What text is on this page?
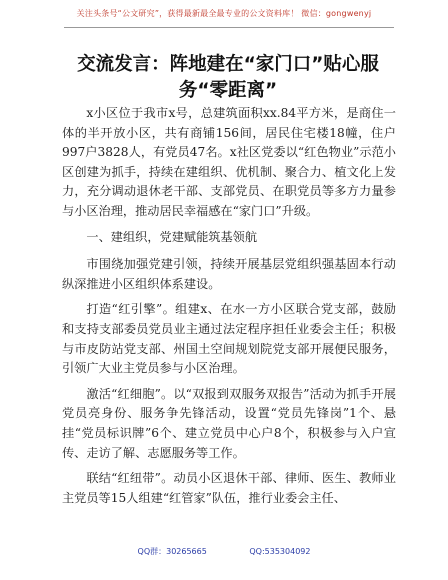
关注头条号“公文研究”，获得最新最全最专业的公文资料库！ 微信：gongwenyj
交流发言：阵地建在“家门口”贴心服务“零距离”

x小区位于我市x号，总建筑面积xx.84平方米，是商住一体的半开放小区，共有商铺156间，居民住宅楼18幢，住户997户3828人，有党员47名。x社区党委以“红色物业”示范小区创建为抓手，持续在建组织、优机制、聚合力、植文化上发力，充分调动退休老干部、支部党员、在职党员等多方力量参与小区治理，推动居民幸福感在“家门口”升级。

一、建组织，党建赋能筑基领航

市围绕加强党建引领，持续开展基层党组织强基固本行动纵深推进小区组织体系建设。

打造“红引擎”。组建x、在水一方小区联合党支部，鼓励和支持支部委员党员业主通过法定程序担任业委会主任；积极与市皮防站党支部、州国土空间规划院党支部开展便民服务，引领广大业主党员参与小区治理。

激活“红细胞”。以“双报到双服务双报告”活动为抓手开展党员亮身份、服务争先锋活动，设置“党员先锋岗”1个、悬挂“党员标识牌”6个、建立党员中心户8个，积极参与入户宣传、走访了解、志愿服务等工作。

联结“红纽带”。动员小区退休干部、律师、医生、教师业主党员等15人组建“红管家”队伍，推行业委会主任、

QQ群：30265665	QQ:535304092
